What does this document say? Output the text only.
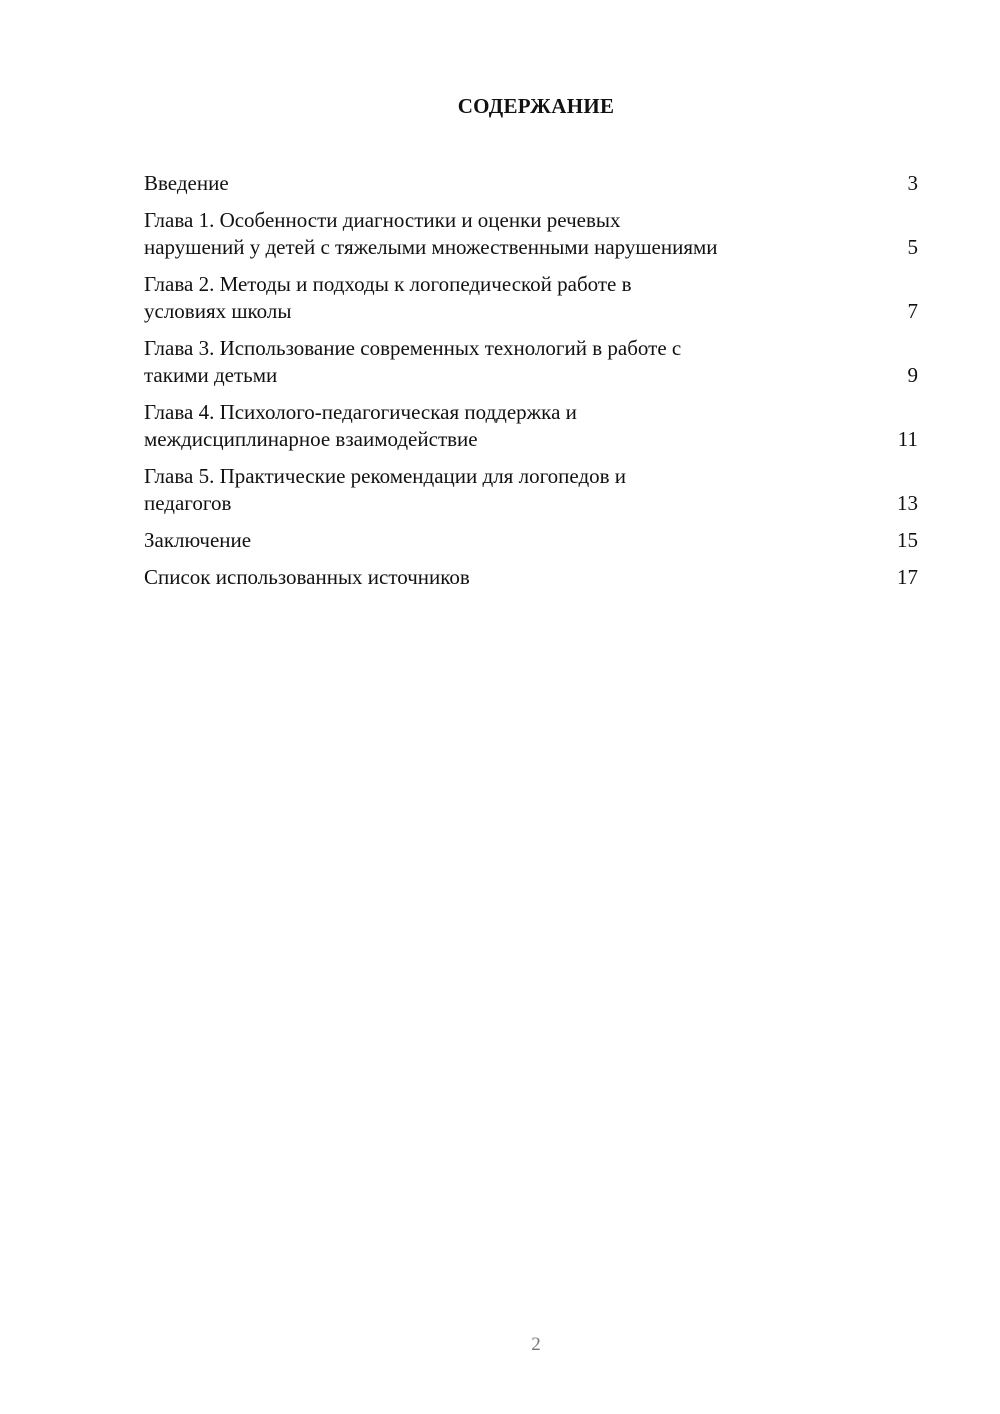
СОДЕРЖАНИЕ
Введение	3
Глава 1. Особенности диагностики и оценки речевых
нарушений у детей с тяжелыми множественными нарушениями	5
Глава 2. Методы и подходы к логопедической работе в
условиях школы	7
Глава 3. Использование современных технологий в работе с
такими детьми	9
Глава 4. Психолого-педагогическая поддержка и
междисциплинарное взаимодействие	11
Глава 5. Практические рекомендации для логопедов и
педагогов	13
Заключение	15
Список использованных источников	17
2
